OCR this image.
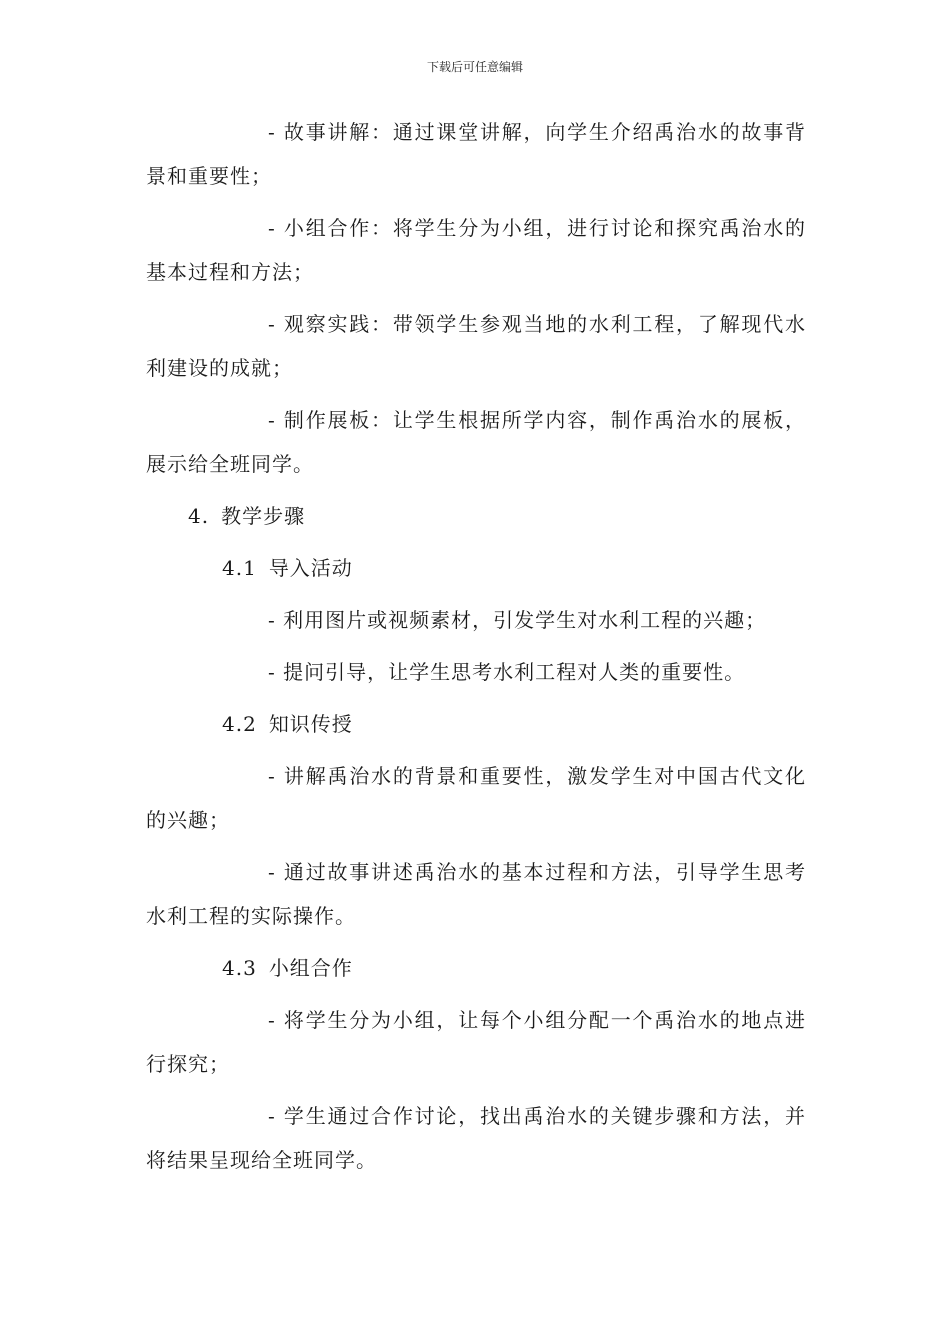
下载后可任意编辑

- 故事讲解：通过课堂讲解，向学生介绍禹治水的故事背景和重要性；

- 小组合作：将学生分为小组，进行讨论和探究禹治水的基本过程和方法；

- 观察实践：带领学生参观当地的水利工程，了解现代水利建设的成就；

- 制作展板：让学生根据所学内容，制作禹治水的展板，展示给全班同学。

4. 教学步骤
4.1 导入活动

- 利用图片或视频素材，引发学生对水利工程的兴趣；

- 提问引导，让学生思考水利工程对人类的重要性。

4.2 知识传授

- 讲解禹治水的背景和重要性，激发学生对中国古代文化的兴趣；

- 通过故事讲述禹治水的基本过程和方法，引导学生思考水利工程的实际操作。

4.3 小组合作

- 将学生分为小组，让每个小组分配一个禹治水的地点进行探究；

- 学生通过合作讨论，找出禹治水的关键步骤和方法，并将结果呈现给全班同学。
